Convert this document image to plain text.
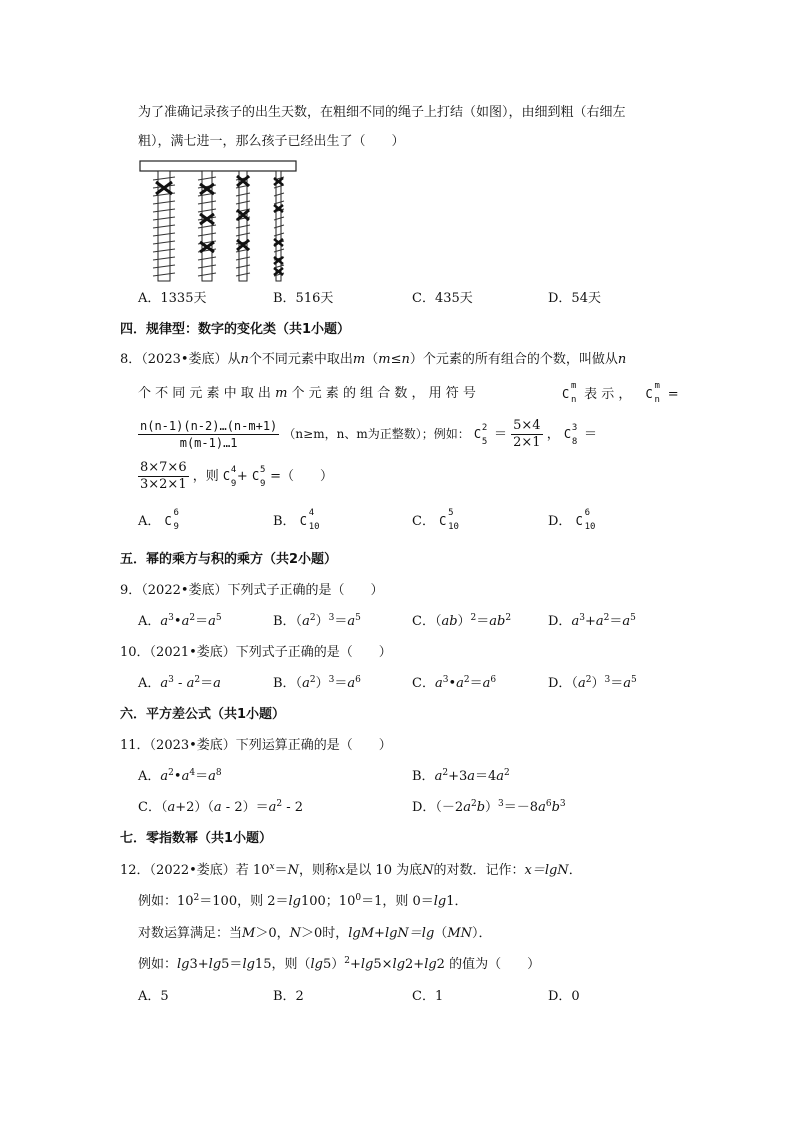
为了准确记录孩子的出生天数，在粗细不同的绳子上打结（如图），由细到粗（右细左
粗），满七进一，那么孩子已经出生了（　　）
A．1335天	B．516天	C．435天	D．54天
四．规律型：数字的变化类（共1小题）
8．（2023•娄底）从n个不同元素中取出m（m≤n）个元素的所有组合的个数，叫做从n
个 不 同 元 素 中 取 出 m 个 元 素 的 组 合 数 ， 用 符 号	C
m
n 表 示 ， C
m
n =
$\frac{n(n-1)(n-2)\dots(n-m+1)}{m(m-1)\dots 1} (n\ge m$，n、m为正整数）；例如： C 2
$5 = \frac{5\times 4}{2\times 1}$ ， C 3
8 ＝
$\frac{8\times 7\times 6}{3\times 2\times 1}$ ，则 C 4
9 + C 5
9 =（　　）
A． C
6
9	B． C
4
10	C． C
5
10	D． C
6
10
五．幂的乘方与积的乘方（共2小题）
9．（2022•娄底）下列式子正确的是（　　）
A．$a^3•a^2=a^5$	B．$(a^2)^3=a^5$	C．$(ab)^2=ab^2$	D．$a^3+a^2=a^5$
10．（2021•娄底）下列式子正确的是（　　）
A．$a^3 - a^2=a$	B．$(a^2)^3=a^6$	C．$a^3•a^2=a^6$	D．$(a^2)^3=a^5$
六．平方差公式（共1小题）
11．（2023•娄底）下列运算正确的是（　　）
A．$a^2•a^4=a^8$	B．$a^2+3a=4a^2$
C．$(a+2)(a - 2)=a^2 - 2$	D．$(-2a^2b)^3=-8a^6b^3$
七．零指数幂（共1小题）
12．（2022•娄底）若 $10^x=N$，则称x是以 10 为底N的对数．记作：x＝lgN．
例如：$10^2=100$，则 2＝lg100；$10^0=1$，则 0＝lg1．
对数运算满足：当M＞0，N＞0时，lgM+lgN＝lg（MN）．
例如：lg3+lg5＝lg15，则$(\lg 5)^2+\lg 5\times\lg 2+\lg 2$ 的值为（　　）
A．5	B．2	C．1	D．0
